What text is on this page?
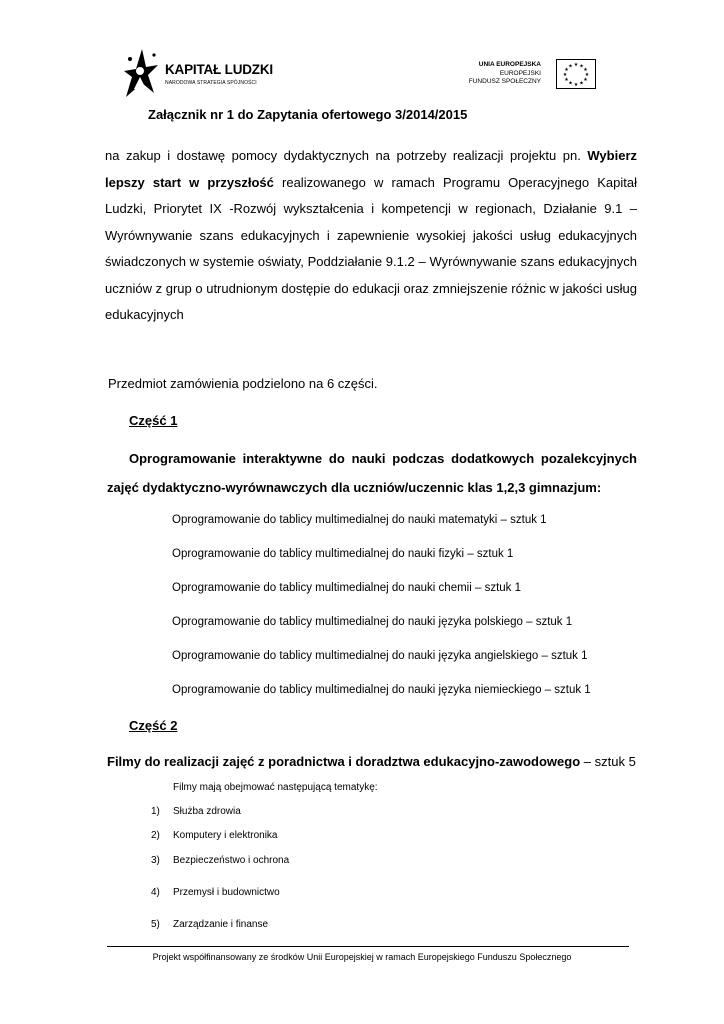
KAPITAŁ LUDZKI
NARODOWA STRATEGIA SPÓJNOŚCI
UNIA EUROPEJSKA
EUROPEJSKI
FUNDUSZ SPOŁECZNY
★ ★
★
★
★
★
★
★
★
★
★
★
Załącznik nr 1 do Zapytania ofertowego 3/2014/2015
na zakup i dostawę pomocy dydaktycznych na potrzeby realizacji projektu pn. Wybierz lepszy start w przyszłość realizowanego w ramach Programu Operacyjnego Kapitał Ludzki, Priorytet IX -Rozwój wykształcenia i kompetencji w regionach, Działanie 9.1 – Wyrównywanie szans edukacyjnych i zapewnienie wysokiej jakości usług edukacyjnych świadczonych w systemie oświaty, Poddziałanie 9.1.2 – Wyrównywanie szans edukacyjnych uczniów z grup o utrudnionym dostępie do edukacji oraz zmniejszenie różnic w jakości usług edukacyjnych
Przedmiot zamówienia podzielono na 6 części.
Część 1
Oprogramowanie interaktywne do nauki podczas dodatkowych pozalekcyjnych zajęć dydaktyczno-wyrównawczych dla uczniów/uczennic klas 1,2,3 gimnazjum:
Oprogramowanie do tablicy multimedialnej do nauki matematyki – sztuk 1
Oprogramowanie do tablicy multimedialnej do nauki fizyki – sztuk 1
Oprogramowanie do tablicy multimedialnej do nauki chemii – sztuk 1
Oprogramowanie do tablicy multimedialnej do nauki języka polskiego – sztuk 1
Oprogramowanie do tablicy multimedialnej do nauki języka angielskiego – sztuk 1
Oprogramowanie do tablicy multimedialnej do nauki języka niemieckiego – sztuk 1
Część 2
Filmy do realizacji zajęć z poradnictwa i doradztwa edukacyjno-zawodowego – sztuk 5
Filmy mają obejmować następującą tematykę:
1) Służba zdrowia
2) Komputery i elektronika
3) Bezpieczeństwo i ochrona
4) Przemysł i budownictwo
5) Zarządzanie i finanse
Projekt współfinansowany ze środków Unii Europejskiej w ramach Europejskiego Funduszu Społecznego
